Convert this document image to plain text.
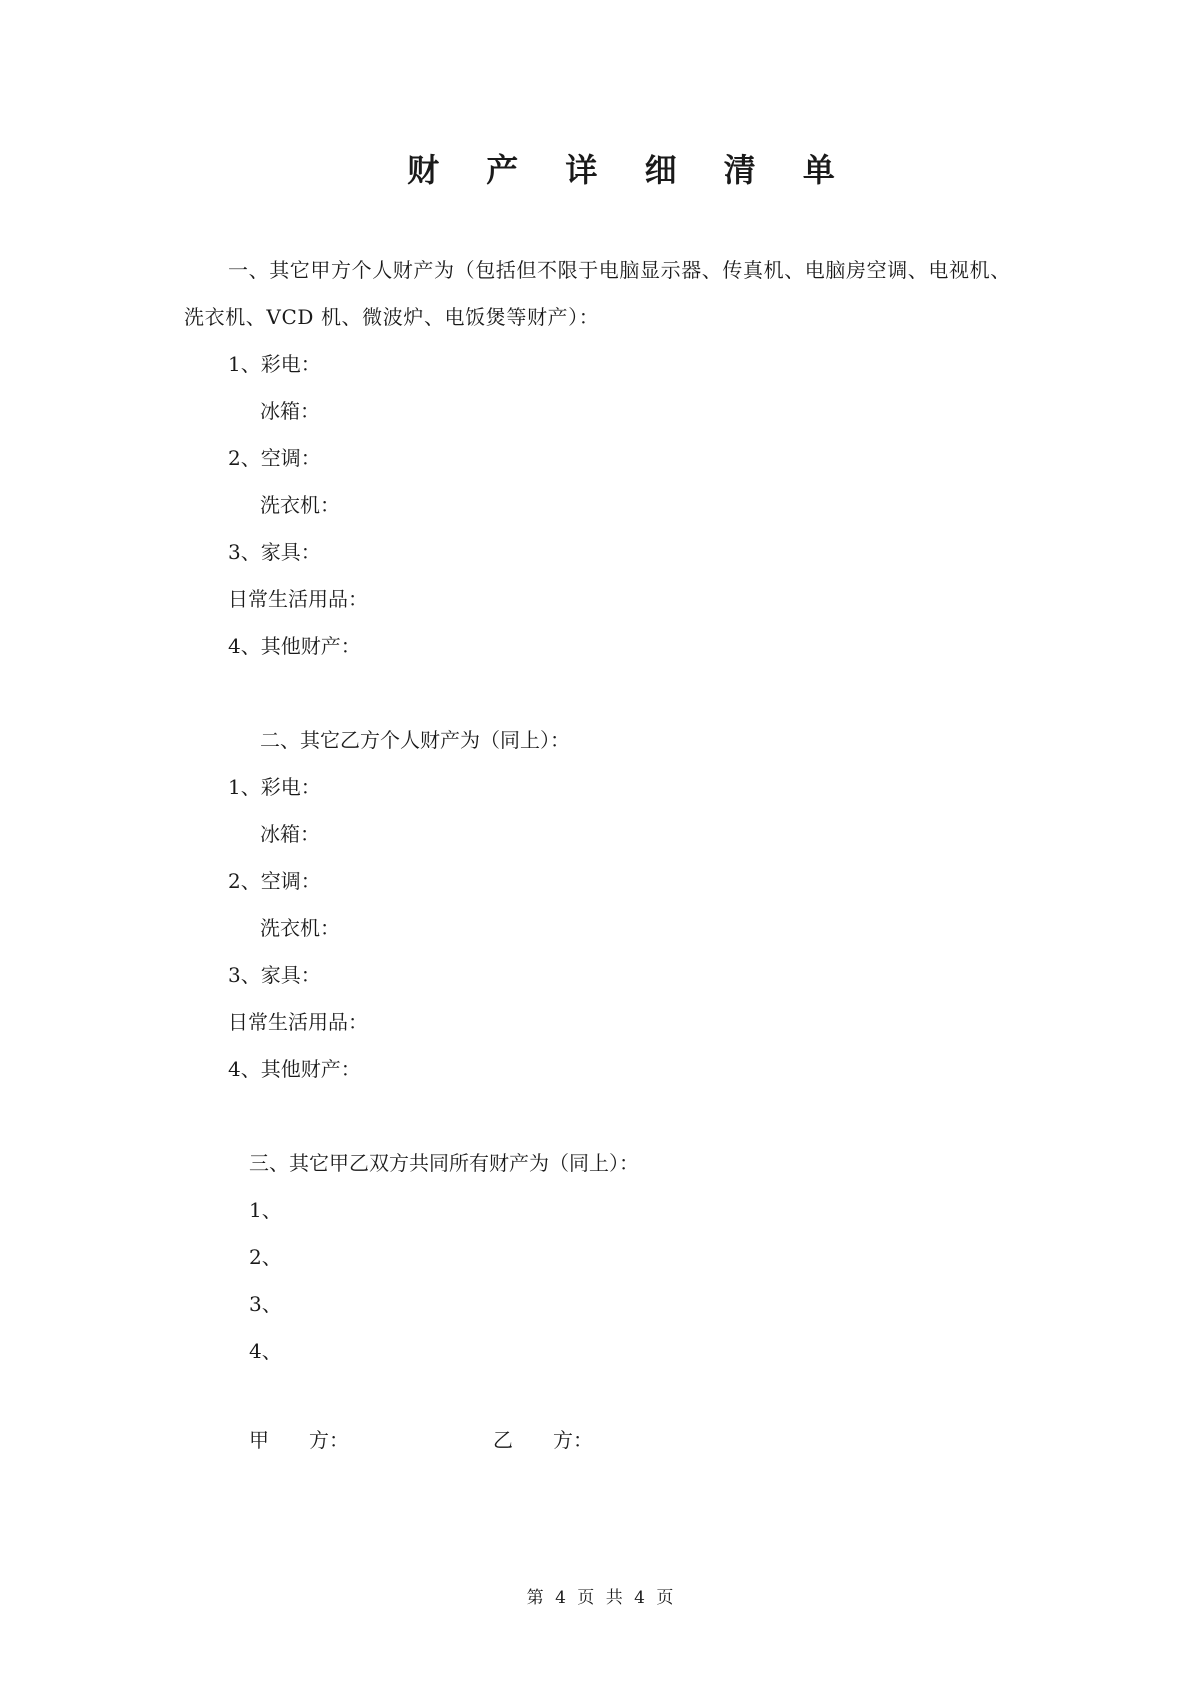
财 产 详 细 清 单
一、其它甲方个人财产为（包括但不限于电脑显示器、传真机、电脑房空调、电视机、
洗衣机、VCD 机、微波炉、电饭煲等财产）：
1、彩电：
冰箱：
2、空调：
洗衣机：
3、家具：
日常生活用品：
4、其他财产：
二、其它乙方个人财产为（同上）：
1、彩电：
冰箱：
2、空调：
洗衣机：
3、家具：
日常生活用品：
4、其他财产：
三、其它甲乙双方共同所有财产为（同上）：
1、
2、
3、
4、
甲　　方：	乙　　方：
第 4 页 共 4 页
